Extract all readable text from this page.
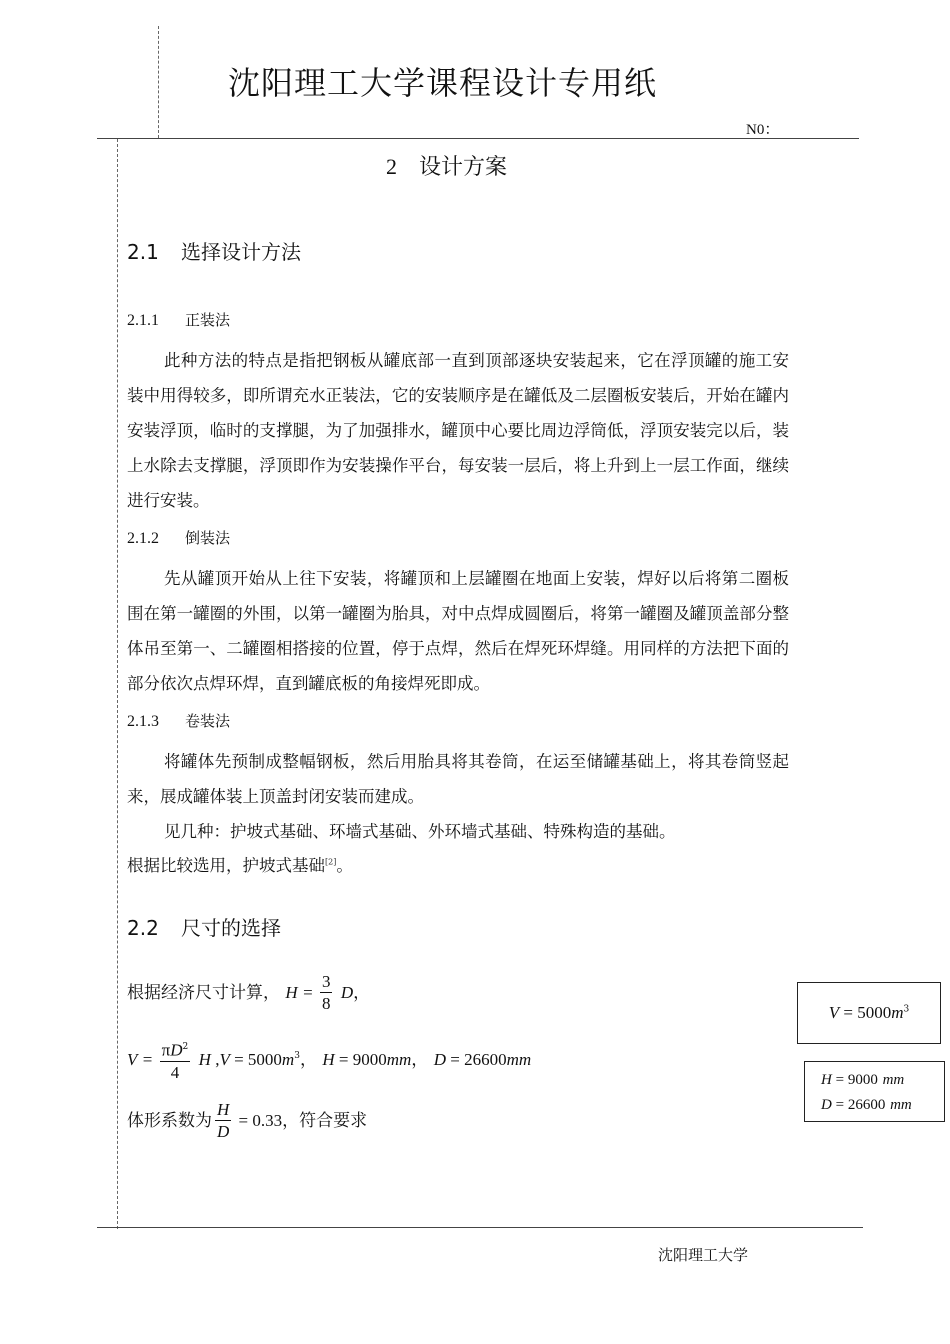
沈阳理工大学课程设计专用纸
N0：
2 设计方案
2.1 选择设计方法
2.1.1 正装法

此种方法的特点是指把钢板从罐底部一直到顶部逐块安装起来，它在浮顶罐的施工安装中用得较多，即所谓充水正装法，它的安装顺序是在罐低及二层圈板安装后，开始在罐内安装浮顶，临时的支撑腿，为了加强排水，罐顶中心要比周边浮筒低，浮顶安装完以后，装上水除去支撑腿，浮顶即作为安装操作平台，每安装一层后，将上升到上一层工作面，继续进行安装。

2.1.2 倒装法

先从罐顶开始从上往下安装，将罐顶和上层罐圈在地面上安装，焊好以后将第二圈板围在第一罐圈的外围，以第一罐圈为胎具，对中点焊成圆圈后，将第一罐圈及罐顶盖部分整体吊至第一、二罐圈相搭接的位置，停于点焊，然后在焊死环焊缝。用同样的方法把下面的部分依次点焊环焊，直到罐底板的角接焊死即成。

2.1.3 卷装法

将罐体先预制成整幅钢板，然后用胎具将其卷筒，在运至储罐基础上，将其卷筒竖起来，展成罐体装上顶盖封闭安装而建成。

见几种：护坡式基础、环墙式基础、外环墙式基础、特殊构造的基础。

根据比较选用，护坡式基础[2]。
2.2 尺寸的选择
根据经济尺寸计算， $H = \frac{3}{8}$ D，
$V = \frac{\pi D^2}{4}$ H $,V = 5000m^3$， H = 9000mm， D = 26600mm
体形系数为 $\frac{H}{D} = 0.33$，符合要求
$V = 5000m^3$
H = 9000 mm
D = 26600 mm
沈阳理工大学
